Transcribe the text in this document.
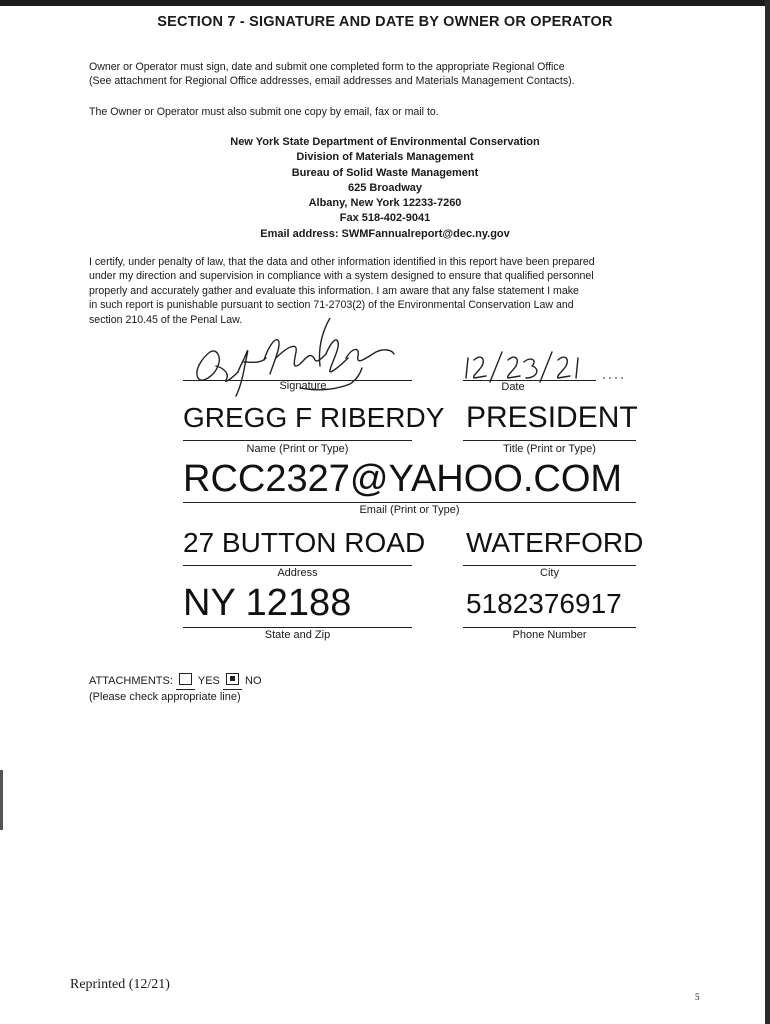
SECTION 7 - SIGNATURE AND DATE BY OWNER OR OPERATOR
Owner or Operator must sign, date and submit one completed form to the appropriate Regional Office
(See attachment for Regional Office addresses, email addresses and Materials Management Contacts).
The Owner or Operator must also submit one copy by email, fax or mail to.
New York State Department of Environmental Conservation
Division of Materials Management
Bureau of Solid Waste Management
625 Broadway
Albany, New York 12233-7260
Fax 518-402-9041
Email address: SWMFannualreport@dec.ny.gov
I certify, under penalty of law, that the data and other information identified in this report have been prepared
under my direction and supervision in compliance with a system designed to ensure that qualified personnel
properly and accurately gather and evaluate this information. I am aware that any false statement I make
in such report is punishable pursuant to section 71-2703(2) of the Environmental Conservation Law and
section 210.45 of the Penal Law.
Signature	Date
GREGG F RIBERDY
Name (Print or Type)
PRESIDENT
Title (Print or Type)
RCC2327@YAHOO.COM
Email (Print or Type)
27 BUTTON ROAD
Address
WATERFORD
City
NY 12188
State and Zip
5182376917
Phone Number
ATTACHMENTS: YES NO
(Please check appropriate line)
Reprinted (12/21)
5
